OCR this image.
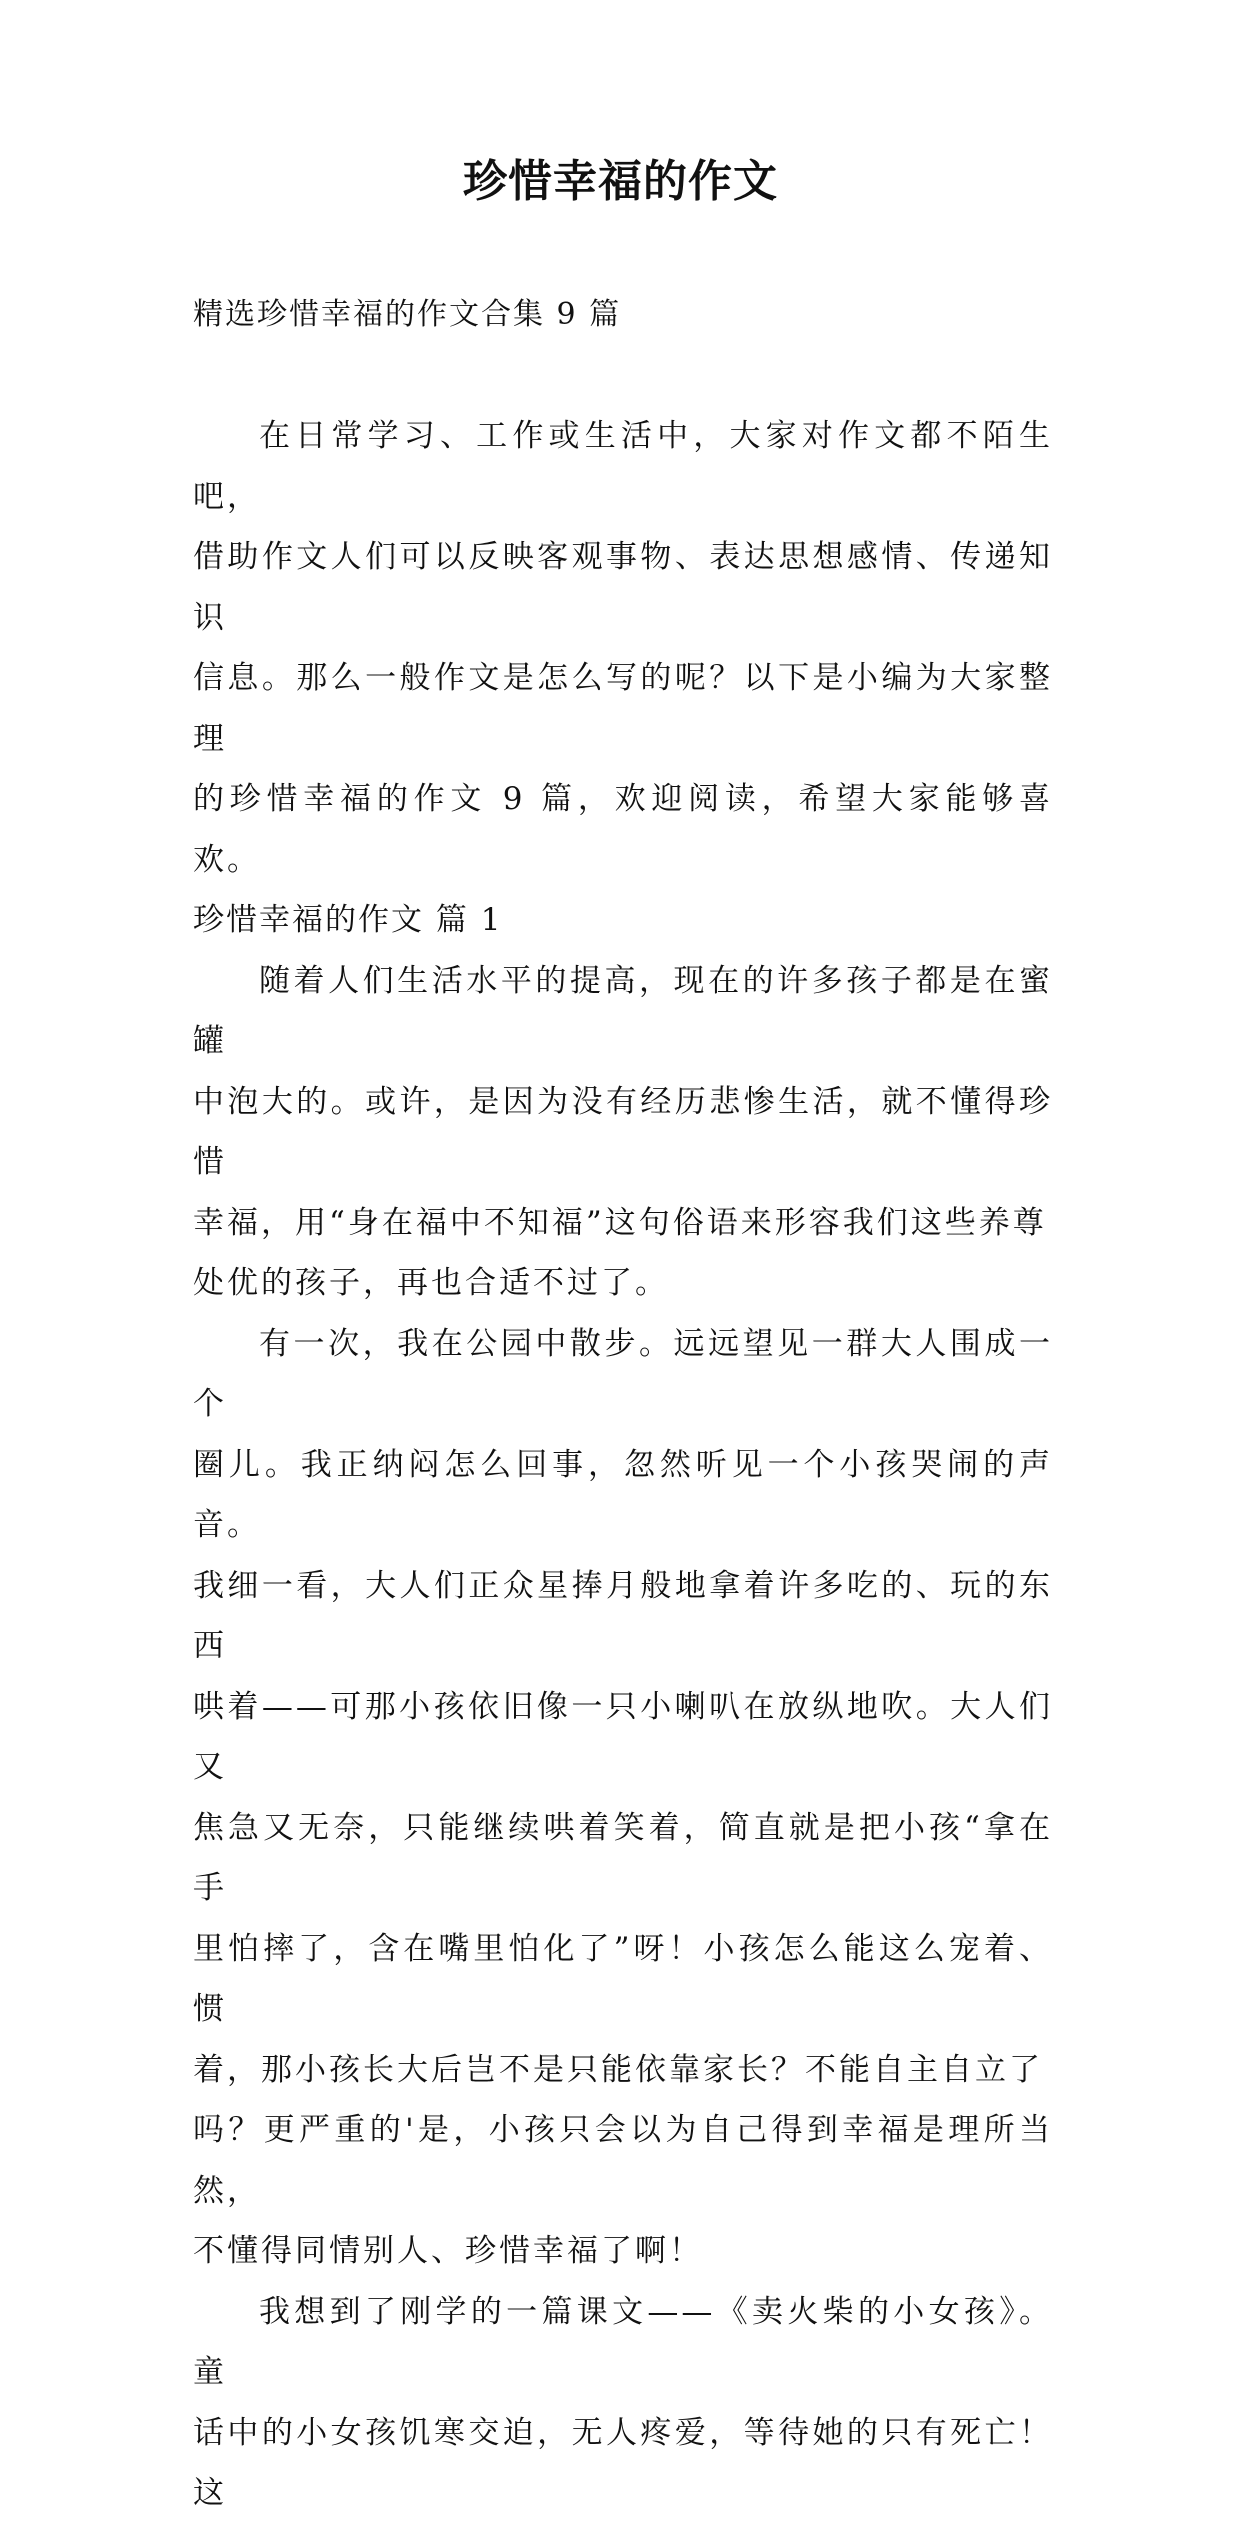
珍惜幸福的作文
精选珍惜幸福的作文合集 9 篇

在日常学习、工作或生活中，大家对作文都不陌生吧，

借助作文人们可以反映客观事物、表达思想感情、传递知识

信息。那么一般作文是怎么写的呢？以下是小编为大家整理

的珍惜幸福的作文 9 篇，欢迎阅读，希望大家能够喜欢。

珍惜幸福的作文 篇 1

随着人们生活水平的提高，现在的许多孩子都是在蜜罐

中泡大的。或许，是因为没有经历悲惨生活，就不懂得珍惜

幸福，用“身在福中不知福”这句俗语来形容我们这些养尊

处优的孩子，再也合适不过了。

有一次，我在公园中散步。远远望见一群大人围成一个

圈儿。我正纳闷怎么回事，忽然听见一个小孩哭闹的声音。

我细一看，大人们正众星捧月般地拿着许多吃的、玩的东西

哄着——可那小孩依旧像一只小喇叭在放纵地吹。大人们又

焦急又无奈，只能继续哄着笑着，简直就是把小孩“拿在手

里怕摔了，含在嘴里怕化了”呀！小孩怎么能这么宠着、惯

着，那小孩长大后岂不是只能依靠家长？不能自主自立了

吗？更严重的'是，小孩只会以为自己得到幸福是理所当然，

不懂得同情别人、珍惜幸福了啊！

我想到了刚学的一篇课文——《卖火柴的小女孩》。童

话中的小女孩饥寒交迫，无人疼爱，等待她的只有死亡！这
